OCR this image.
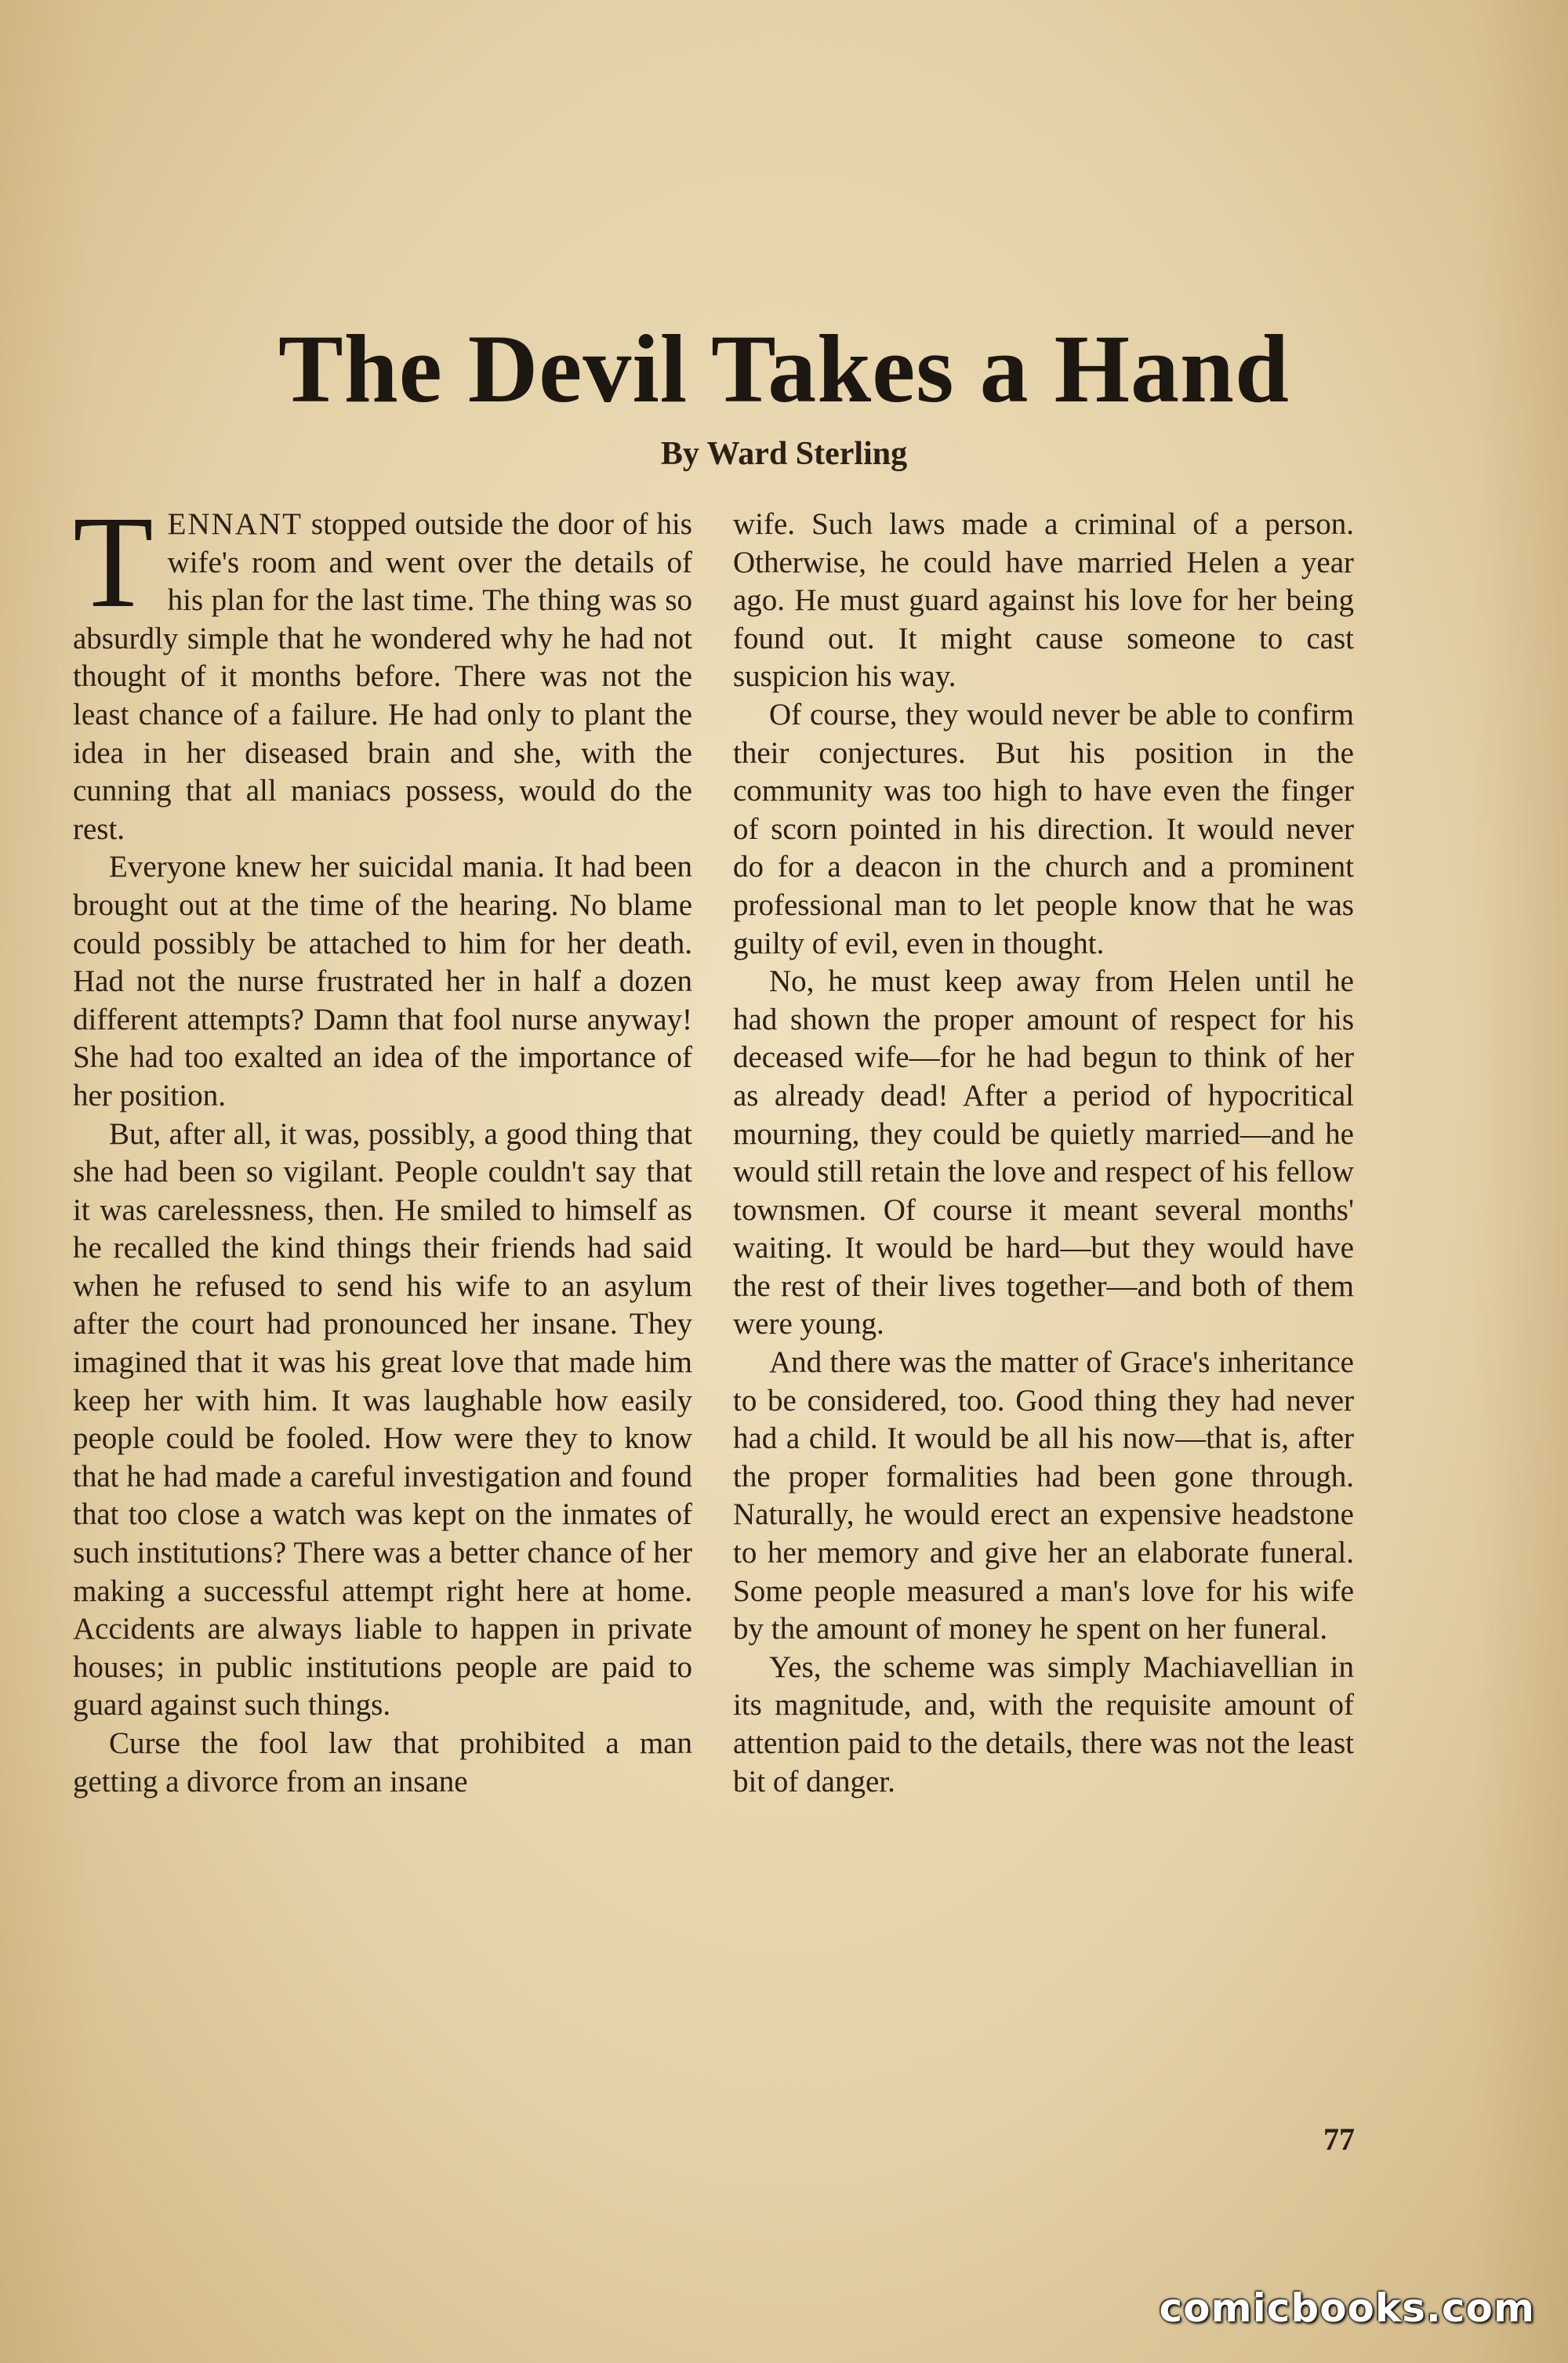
The Devil Takes a Hand
By Ward Sterling

TENNANT stopped outside the door of his wife's room and went over the details of his plan for the last time. The thing was so absurdly simple that he wondered why he had not thought of it months before. There was not the least chance of a failure. He had only to plant the idea in her diseased brain and she, with the cunning that all maniacs possess, would do the rest.

Everyone knew her suicidal mania. It had been brought out at the time of the hearing. No blame could possibly be attached to him for her death. Had not the nurse frustrated her in half a dozen different attempts? Damn that fool nurse anyway! She had too exalted an idea of the importance of her position.

But, after all, it was, possibly, a good thing that she had been so vigilant. People couldn't say that it was carelessness, then. He smiled to himself as he recalled the kind things their friends had said when he refused to send his wife to an asylum after the court had pronounced her insane. They imagined that it was his great love that made him keep her with him. It was laughable how easily people could be fooled. How were they to know that he had made a careful investigation and found that too close a watch was kept on the inmates of such institutions? There was a better chance of her making a successful attempt right here at home. Accidents are always liable to happen in private houses; in public institutions people are paid to guard against such things.

Curse the fool law that prohibited a man getting a divorce from an insane

wife. Such laws made a criminal of a person. Otherwise, he could have married Helen a year ago. He must guard against his love for her being found out. It might cause someone to cast suspicion his way.

Of course, they would never be able to confirm their conjectures. But his position in the community was too high to have even the finger of scorn pointed in his direction. It would never do for a deacon in the church and a prominent professional man to let people know that he was guilty of evil, even in thought.

No, he must keep away from Helen until he had shown the proper amount of respect for his deceased wife—for he had begun to think of her as already dead! After a period of hypocritical mourning, they could be quietly married—and he would still retain the love and respect of his fellow townsmen. Of course it meant several months' waiting. It would be hard—but they would have the rest of their lives together—and both of them were young.

And there was the matter of Grace's inheritance to be considered, too. Good thing they had never had a child. It would be all his now—that is, after the proper formalities had been gone through. Naturally, he would erect an expensive headstone to her memory and give her an elaborate funeral. Some people measured a man's love for his wife by the amount of money he spent on her funeral.

Yes, the scheme was simply Machiavellian in its magnitude, and, with the requisite amount of attention paid to the details, there was not the least bit of danger.

77
comicbooks.com
